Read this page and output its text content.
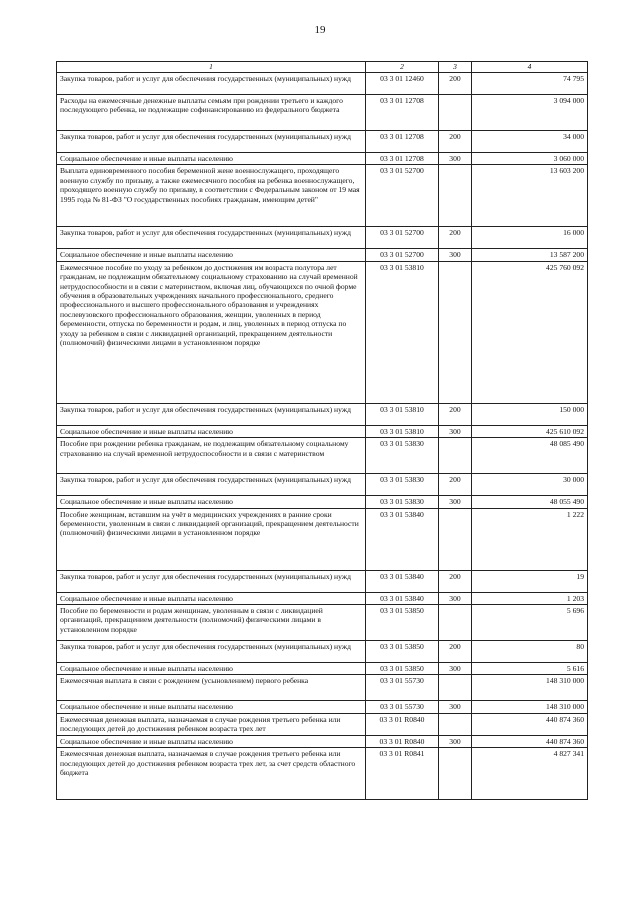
19
1	2	3	4
Закупка товаров, работ и услуг для обеспечения государственных (муниципальных) нужд	03 3 01 12460	200	74 795
Расходы на ежемесячные денежные выплаты семьям при рождении третьего и каждого последующего ребенка, не подлежащие софинансированию из федерального бюджета	03 3 01 12708		3 094 000
Закупка товаров, работ и услуг для обеспечения государственных (муниципальных) нужд	03 3 01 12708	200	34 000
Социальное обеспечение и иные выплаты населению	03 3 01 12708	300	3 060 000
Выплата единовременного пособия беременной жене военнослужащего, проходящего военную службу по призыву, а также ежемесячного пособия на ребенка военнослужащего, проходящего военную службу по призыву, в соответствии с Федеральным законом от 19 мая 1995 года № 81-ФЗ "О государственных пособиях гражданам, имеющим детей"	03 3 01 52700		13 603 200
Закупка товаров, работ и услуг для обеспечения государственных (муниципальных) нужд	03 3 01 52700	200	16 000
Социальное обеспечение и иные выплаты населению	03 3 01 52700	300	13 587 200
Ежемесячное пособие по уходу за ребенком до достижения им возраста полутора лет гражданам, не подлежащим обязательному социальному страхованию на случай временной нетрудоспособности и в связи с материнством, включая лиц, обучающихся по очной форме обучения в образовательных учреждениях начального профессионального, среднего профессионального и высшего профессионального образования и учреждениях послевузовского профессионального образования, женщин, уволенных в период беременности, отпуска по беременности и родам, и лиц, уволенных в период отпуска по уходу за ребенком в связи с ликвидацией организаций, прекращением деятельности (полномочий) физическими лицами в установленном порядке	03 3 01 53810		425 760 092
Закупка товаров, работ и услуг для обеспечения государственных (муниципальных) нужд	03 3 01 53810	200	150 000
Социальное обеспечение и иные выплаты населению	03 3 01 53810	300	425 610 092
Пособие при рождении ребенка гражданам, не подлежащим обязательному социальному страхованию на случай временной нетрудоспособности и в связи с материнством	03 3 01 53830		48 085 490
Закупка товаров, работ и услуг для обеспечения государственных (муниципальных) нужд	03 3 01 53830	200	30 000
Социальное обеспечение и иные выплаты населению	03 3 01 53830	300	48 055 490
Пособие женщинам, вставшим на учёт в медицинских учреждениях в ранние сроки беременности, уволенным в связи с ликвидацией организаций, прекращением деятельности (полномочий) физическими лицами в установленном порядке	03 3 01 53840		1 222
Закупка товаров, работ и услуг для обеспечения государственных (муниципальных) нужд	03 3 01 53840	200	19
Социальное обеспечение и иные выплаты населению	03 3 01 53840	300	1 203
Пособие по беременности и родам женщинам, уволенным в связи с ликвидацией организаций, прекращением деятельности (полномочий) физическими лицами в установленном порядке	03 3 01 53850		5 696
Закупка товаров, работ и услуг для обеспечения государственных (муниципальных) нужд	03 3 01 53850	200	80
Социальное обеспечение и иные выплаты населению	03 3 01 53850	300	5 616
Ежемесячная выплата в связи с рождением (усыновлением) первого ребенка	03 3 01 55730		148 310 000
Социальное обеспечение и иные выплаты населению	03 3 01 55730	300	148 310 000
Ежемесячная денежная выплата, назначаемая в случае рождения третьего ребенка или последующих детей до достижения ребенком возраста трех лет	03 3 01 R0840		440 874 360
Социальное обеспечение и иные выплаты населению	03 3 01 R0840	300	440 874 360
Ежемесячная денежная выплата, назначаемая в случае рождения третьего ребенка или последующих детей до достижения ребенком возраста трех лет, за счет средств областного бюджета	03 3 01 R0841		4 827 341
